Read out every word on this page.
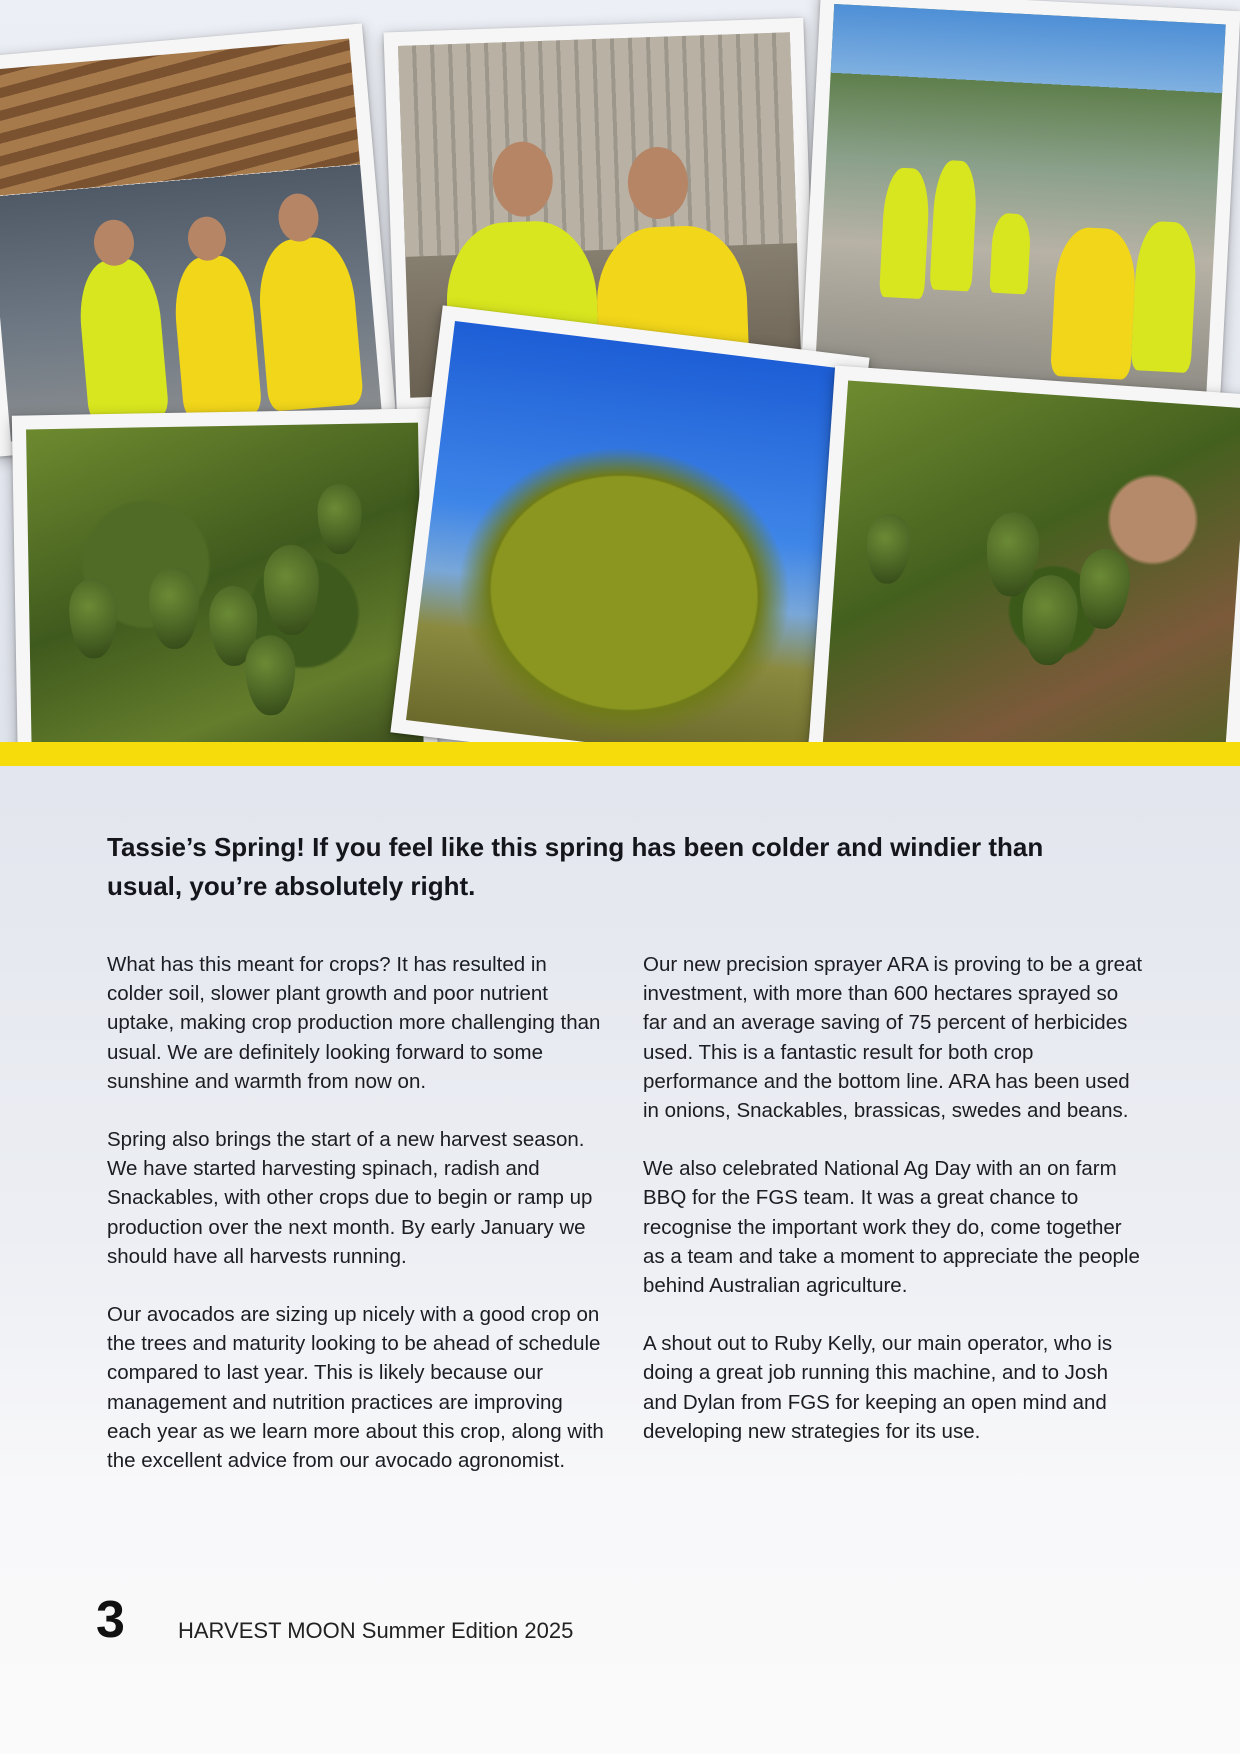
Tassie’s Spring! If you feel like this spring has been colder and windier than usual, you’re absolutely right.

What has this meant for crops? It has resulted in colder soil, slower plant growth and poor nutrient uptake, making crop production more challenging than usual. We are definitely looking forward to some sunshine and warmth from now on.

Spring also brings the start of a new harvest season. We have started harvesting spinach, radish and Snackables, with other crops due to begin or ramp up production over the next month. By early January we should have all harvests running.

Our avocados are sizing up nicely with a good crop on the trees and maturity looking to be ahead of schedule compared to last year. This is likely because our management and nutrition practices are improving each year as we learn more about this crop, along with the excellent advice from our avocado agronomist.

Our new precision sprayer ARA is proving to be a great investment, with more than 600 hectares sprayed so far and an average saving of 75 percent of herbicides used. This is a fantastic result for both crop performance and the bottom line. ARA has been used in onions, Snackables, brassicas, swedes and beans.

We also celebrated National Ag Day with an on farm BBQ for the FGS team. It was a great chance to recognise the important work they do, come together as a team and take a moment to appreciate the people behind Australian agriculture.

A shout out to Ruby Kelly, our main operator, who is doing a great job running this machine, and to Josh and Dylan from FGS for keeping an open mind and developing new strategies for its use.

3 HARVEST MOON Summer Edition 2025
